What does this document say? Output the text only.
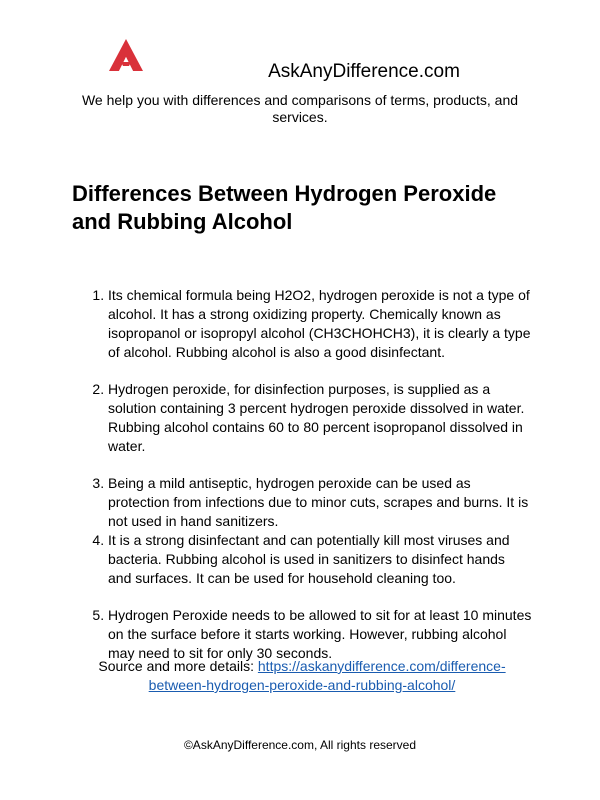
AskAnyDifference.com
We help you with differences and comparisons of terms, products, and services.
Differences Between Hydrogen Peroxide and Rubbing Alcohol
1. Its chemical formula being H2O2, hydrogen peroxide is not a type of alcohol. It has a strong oxidizing property. Chemically known as isopropanol or isopropyl alcohol (CH3CHOHCH3), it is clearly a type of alcohol. Rubbing alcohol is also a good disinfectant.
2. Hydrogen peroxide, for disinfection purposes, is supplied as a solution containing 3 percent hydrogen peroxide dissolved in water. Rubbing alcohol contains 60 to 80 percent isopropanol dissolved in water.
3. Being a mild antiseptic, hydrogen peroxide can be used as protection from infections due to minor cuts, scrapes and burns. It is not used in hand sanitizers.
4. It is a strong disinfectant and can potentially kill most viruses and bacteria. Rubbing alcohol is used in sanitizers to disinfect hands and surfaces. It can be used for household cleaning too.
5. Hydrogen Peroxide needs to be allowed to sit for at least 10 minutes on the surface before it starts working. However, rubbing alcohol may need to sit for only 30 seconds.
Source and more details: https://askanydifference.com/difference-between-hydrogen-peroxide-and-rubbing-alcohol/
©AskAnyDifference.com, All rights reserved
